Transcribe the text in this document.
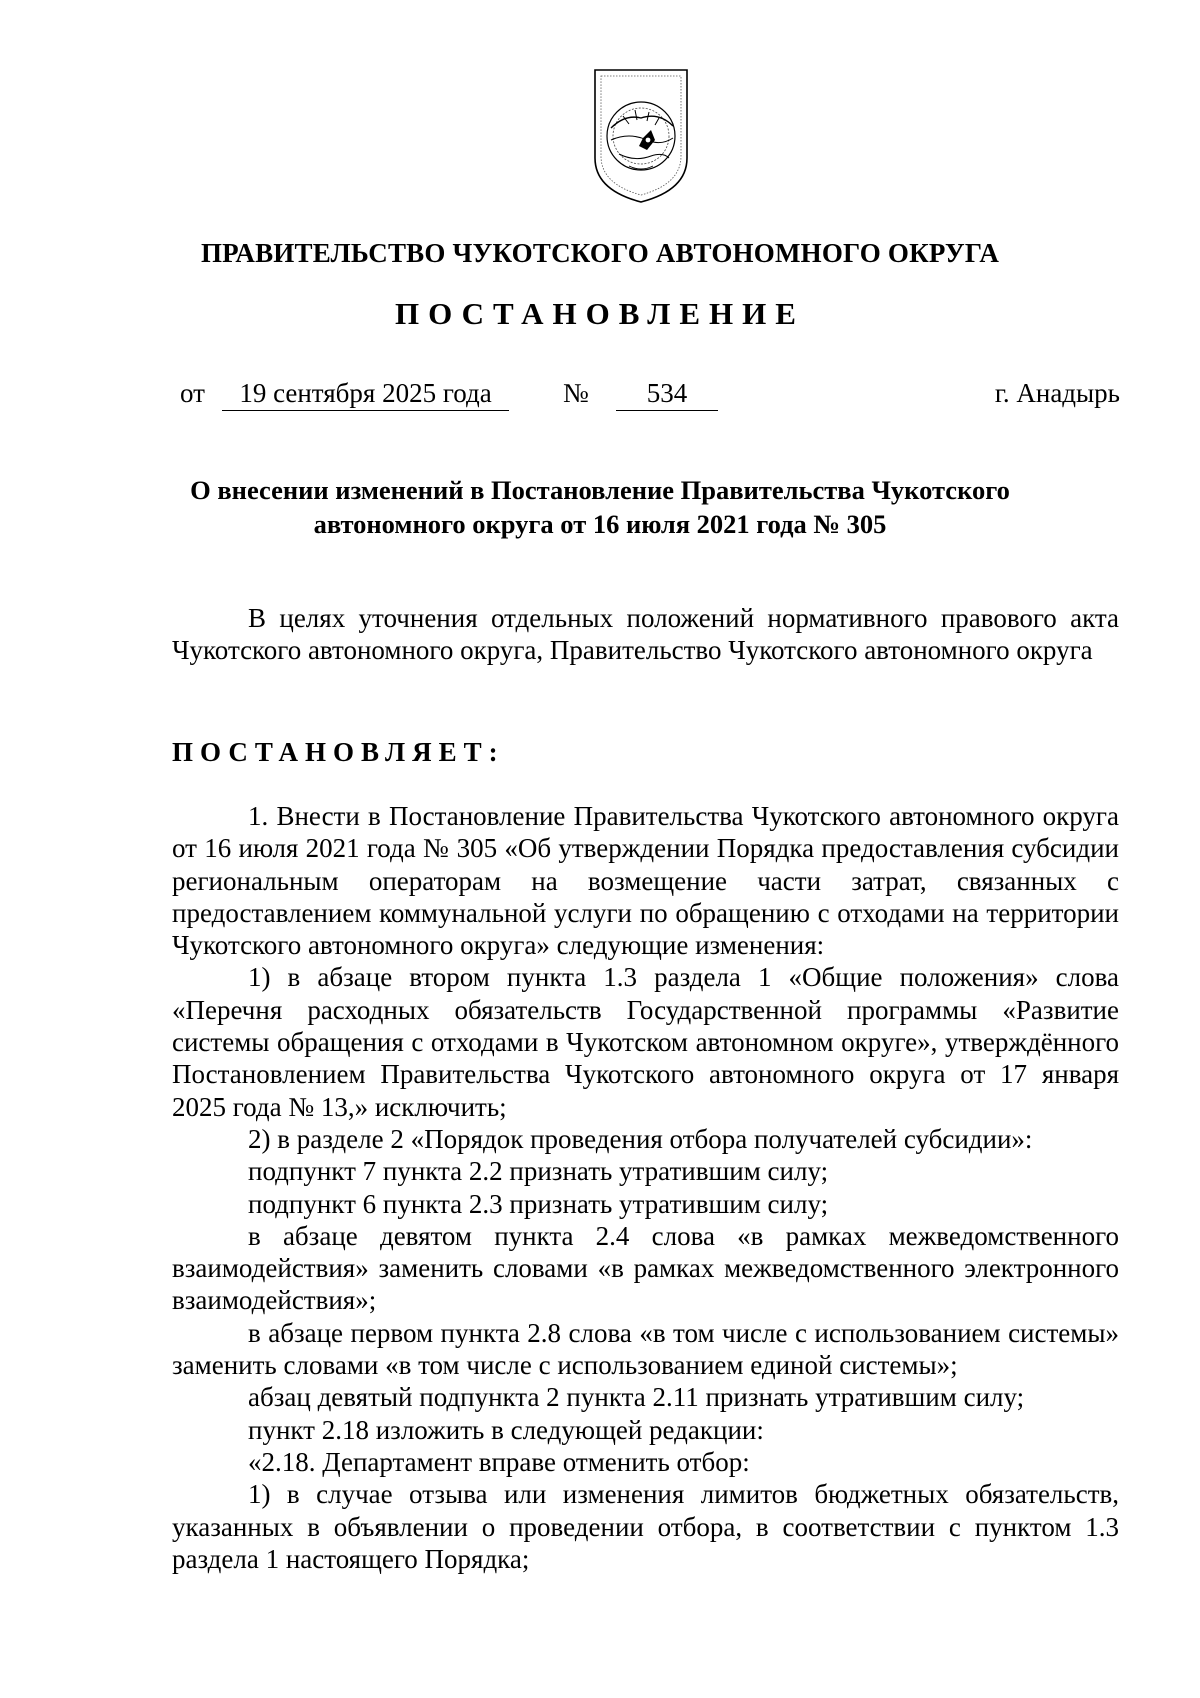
ПРАВИТЕЛЬСТВО ЧУКОТСКОГО АВТОНОМНОГО ОКРУГА
ПОСТАНОВЛЕНИЕ
от	19 сентября 2025 года	№	534	г. Анадырь
О внесении изменений в Постановление Правительства Чукотского
автономного округа от 16 июля 2021 года № 305

В целях уточнения отдельных положений нормативного правового акта Чукотского автономного округа, Правительство Чукотского автономного округа

ПОСТАНОВЛЯЕТ:

1. Внести в Постановление Правительства Чукотского автономного округа от 16 июля 2021 года № 305 «Об утверждении Порядка предоставления субсидии региональным операторам на возмещение части затрат, связанных с предоставлением коммунальной услуги по обращению с отходами на территории Чукотского автономного округа» следующие изменения:

1) в абзаце втором пункта 1.3 раздела 1 «Общие положения» слова «Перечня расходных обязательств Государственной программы «Развитие системы обращения с отходами в Чукотском автономном округе», утверждённого Постановлением Правительства Чукотского автономного округа от 17 января 2025 года № 13,» исключить;

2) в разделе 2 «Порядок проведения отбора получателей субсидии»:

подпункт 7 пункта 2.2 признать утратившим силу;

подпункт 6 пункта 2.3 признать утратившим силу;

в абзаце девятом пункта 2.4 слова «в рамках межведомственного взаимодействия» заменить словами «в рамках межведомственного электронного взаимодействия»;

в абзаце первом пункта 2.8 слова «в том числе с использованием системы» заменить словами «в том числе с использованием единой системы»;

абзац девятый подпункта 2 пункта 2.11 признать утратившим силу;

пункт 2.18 изложить в следующей редакции:

«2.18. Департамент вправе отменить отбор:

1) в случае отзыва или изменения лимитов бюджетных обязательств, указанных в объявлении о проведении отбора, в соответствии с пунктом 1.3 раздела 1 настоящего Порядка;
